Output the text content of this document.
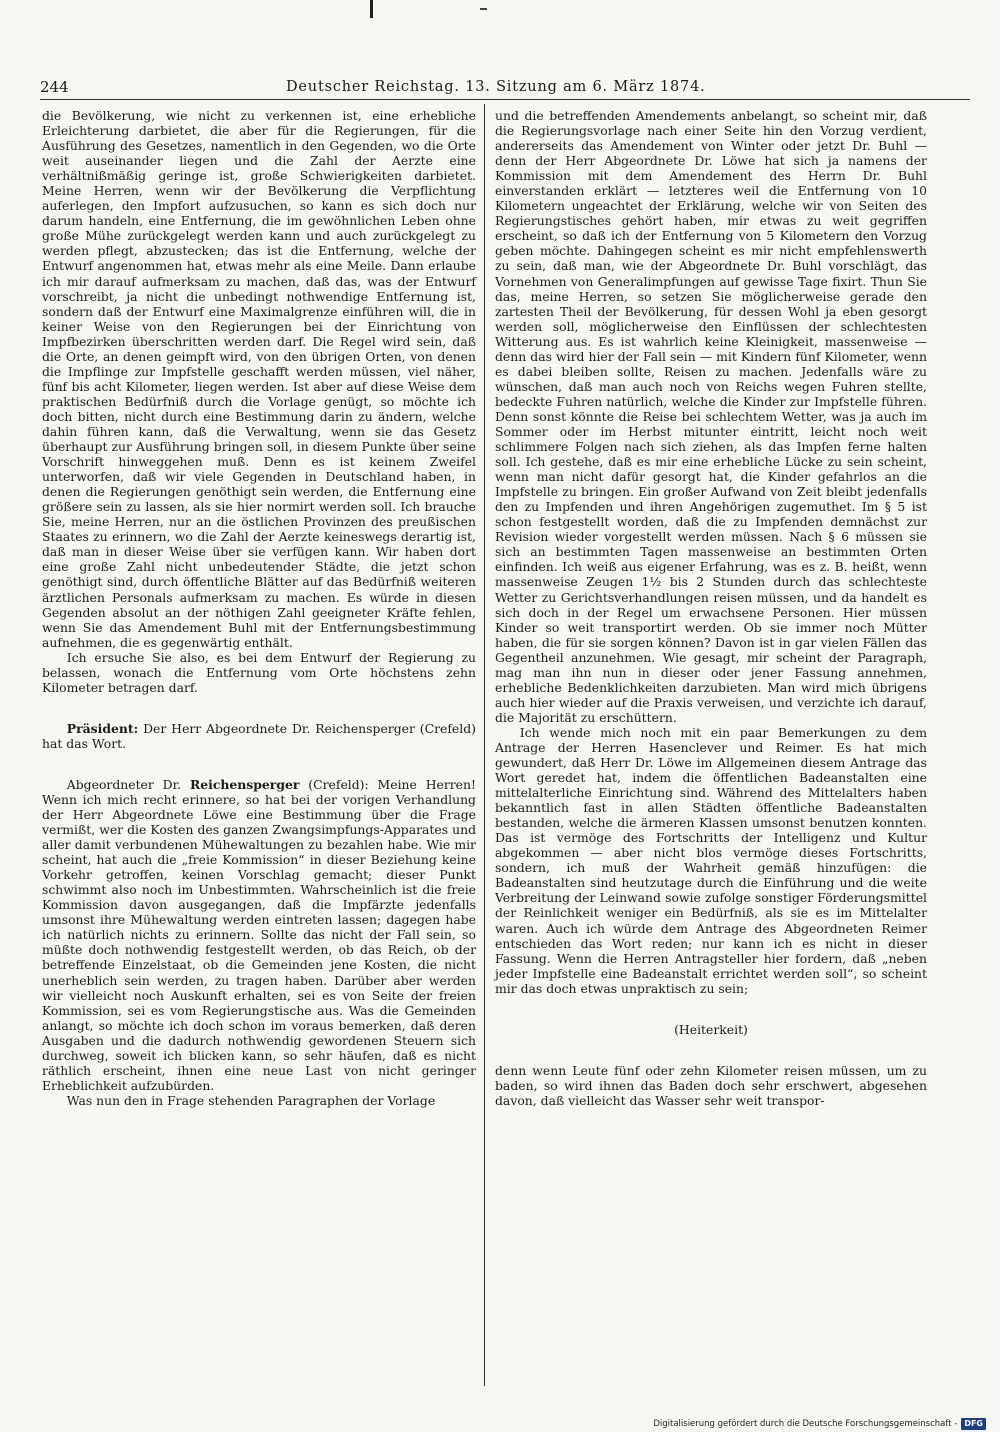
244	Deutscher Reichstag. 13. Sitzung am 6. März 1874.

die Bevölkerung, wie nicht zu verkennen ist, eine erhebliche Erleichterung darbietet, die aber für die Regierungen, für die Ausführung des Gesetzes, namentlich in den Gegenden, wo die Orte weit auseinander liegen und die Zahl der Aerzte eine verhältnißmäßig geringe ist, große Schwierigkeiten darbietet. Meine Herren, wenn wir der Bevölkerung die Verpflichtung auferlegen, den Impfort aufzusuchen, so kann es sich doch nur darum handeln, eine Entfernung, die im gewöhnlichen Leben ohne große Mühe zurückgelegt werden kann und auch zurückgelegt zu werden pflegt, abzustecken; das ist die Entfernung, welche der Entwurf angenommen hat, etwas mehr als eine Meile. Dann erlaube ich mir darauf aufmerksam zu machen, daß das, was der Entwurf vorschreibt, ja nicht die unbedingt nothwendige Entfernung ist, sondern daß der Entwurf eine Maximalgrenze einführen will, die in keiner Weise von den Regierungen bei der Einrichtung von Impfbezirken überschritten werden darf. Die Regel wird sein, daß die Orte, an denen geimpft wird, von den übrigen Orten, von denen die Impflinge zur Impfstelle geschafft werden müssen, viel näher, fünf bis acht Kilometer, liegen werden. Ist aber auf diese Weise dem praktischen Bedürfniß durch die Vorlage genügt, so möchte ich doch bitten, nicht durch eine Bestimmung darin zu ändern, welche dahin führen kann, daß die Verwaltung, wenn sie das Gesetz überhaupt zur Ausführung bringen soll, in diesem Punkte über seine Vorschrift hinweggehen muß. Denn es ist keinem Zweifel unterworfen, daß wir viele Gegenden in Deutschland haben, in denen die Regierungen genöthigt sein werden, die Entfernung eine größere sein zu lassen, als sie hier normirt werden soll. Ich brauche Sie, meine Herren, nur an die östlichen Provinzen des preußischen Staates zu erinnern, wo die Zahl der Aerzte keineswegs derartig ist, daß man in dieser Weise über sie verfügen kann. Wir haben dort eine große Zahl nicht unbedeutender Städte, die jetzt schon genöthigt sind, durch öffentliche Blätter auf das Bedürfniß weiteren ärztlichen Personals aufmerksam zu machen. Es würde in diesen Gegenden absolut an der nöthigen Zahl geeigneter Kräfte fehlen, wenn Sie das Amendement Buhl mit der Entfernungsbestimmung aufnehmen, die es gegenwärtig enthält.

Ich ersuche Sie also, es bei dem Entwurf der Regierung zu belassen, wonach die Entfernung vom Orte höchstens zehn Kilometer betragen darf.

Präsident: Der Herr Abgeordnete Dr. Reichensperger (Crefeld) hat das Wort.

Abgeordneter Dr. Reichensperger (Crefeld): Meine Herren! Wenn ich mich recht erinnere, so hat bei der vorigen Verhandlung der Herr Abgeordnete Löwe eine Bestimmung über die Frage vermißt, wer die Kosten des ganzen Zwangsimpfungs-Apparates und aller damit verbundenen Mühewaltungen zu bezahlen habe. Wie mir scheint, hat auch die „freie Kommission“ in dieser Beziehung keine Vorkehr getroffen, keinen Vorschlag gemacht; dieser Punkt schwimmt also noch im Unbestimmten. Wahrscheinlich ist die freie Kommission davon ausgegangen, daß die Impfärzte jedenfalls umsonst ihre Mühewaltung werden eintreten lassen; dagegen habe ich natürlich nichts zu erinnern. Sollte das nicht der Fall sein, so müßte doch nothwendig festgestellt werden, ob das Reich, ob der betreffende Einzelstaat, ob die Gemeinden jene Kosten, die nicht unerheblich sein werden, zu tragen haben. Darüber aber werden wir vielleicht noch Auskunft erhalten, sei es von Seite der freien Kommission, sei es vom Regierungstische aus. Was die Gemeinden anlangt, so möchte ich doch schon im voraus bemerken, daß deren Ausgaben und die dadurch nothwendig gewordenen Steuern sich durchweg, soweit ich blicken kann, so sehr häufen, daß es nicht räthlich erscheint, ihnen eine neue Last von nicht geringer Erheblichkeit aufzubürden.

Was nun den in Frage stehenden Paragraphen der Vorlage

und die betreffenden Amendements anbelangt, so scheint mir, daß die Regierungsvorlage nach einer Seite hin den Vorzug verdient, andererseits das Amendement von Winter oder jetzt Dr. Buhl — denn der Herr Abgeordnete Dr. Löwe hat sich ja namens der Kommission mit dem Amendement des Herrn Dr. Buhl einverstanden erklärt — letzteres weil die Entfernung von 10 Kilometern ungeachtet der Erklärung, welche wir von Seiten des Regierungstisches gehört haben, mir etwas zu weit gegriffen erscheint, so daß ich der Entfernung von 5 Kilometern den Vorzug geben möchte. Dahingegen scheint es mir nicht empfehlenswerth zu sein, daß man, wie der Abgeordnete Dr. Buhl vorschlägt, das Vornehmen von Generalimpfungen auf gewisse Tage fixirt. Thun Sie das, meine Herren, so setzen Sie möglicherweise gerade den zartesten Theil der Bevölkerung, für dessen Wohl ja eben gesorgt werden soll, möglicherweise den Einflüssen der schlechtesten Witterung aus. Es ist wahrlich keine Kleinigkeit, massenweise — denn das wird hier der Fall sein — mit Kindern fünf Kilometer, wenn es dabei bleiben sollte, Reisen zu machen. Jedenfalls wäre zu wünschen, daß man auch noch von Reichs wegen Fuhren stellte, bedeckte Fuhren natürlich, welche die Kinder zur Impfstelle führen. Denn sonst könnte die Reise bei schlechtem Wetter, was ja auch im Sommer oder im Herbst mitunter eintritt, leicht noch weit schlimmere Folgen nach sich ziehen, als das Impfen ferne halten soll. Ich gestehe, daß es mir eine erhebliche Lücke zu sein scheint, wenn man nicht dafür gesorgt hat, die Kinder gefahrlos an die Impfstelle zu bringen. Ein großer Aufwand von Zeit bleibt jedenfalls den zu Impfenden und ihren Angehörigen zugemuthet. Im § 5 ist schon festgestellt worden, daß die zu Impfenden demnächst zur Revision wieder vorgestellt werden müssen. Nach § 6 müssen sie sich an bestimmten Tagen massenweise an bestimmten Orten einfinden. Ich weiß aus eigener Erfahrung, was es z. B. heißt, wenn massenweise Zeugen 1½ bis 2 Stunden durch das schlechteste Wetter zu Gerichtsverhandlungen reisen müssen, und da handelt es sich doch in der Regel um erwachsene Personen. Hier müssen Kinder so weit transportirt werden. Ob sie immer noch Mütter haben, die für sie sorgen können? Davon ist in gar vielen Fällen das Gegentheil anzunehmen. Wie gesagt, mir scheint der Paragraph, mag man ihn nun in dieser oder jener Fassung annehmen, erhebliche Bedenklichkeiten darzubieten. Man wird mich übrigens auch hier wieder auf die Praxis verweisen, und verzichte ich darauf, die Majorität zu erschüttern.

Ich wende mich noch mit ein paar Bemerkungen zu dem Antrage der Herren Hasenclever und Reimer. Es hat mich gewundert, daß Herr Dr. Löwe im Allgemeinen diesem Antrage das Wort geredet hat, indem die öffentlichen Badeanstalten eine mittelalterliche Einrichtung sind. Während des Mittelalters haben bekanntlich fast in allen Städten öffentliche Badeanstalten bestanden, welche die ärmeren Klassen umsonst benutzen konnten. Das ist vermöge des Fortschritts der Intelligenz und Kultur abgekommen — aber nicht blos vermöge dieses Fortschritts, sondern, ich muß der Wahrheit gemäß hinzufügen: die Badeanstalten sind heutzutage durch die Einführung und die weite Verbreitung der Leinwand sowie zufolge sonstiger Förderungsmittel der Reinlichkeit weniger ein Bedürfniß, als sie es im Mittelalter waren. Auch ich würde dem Antrage des Abgeordneten Reimer entschieden das Wort reden; nur kann ich es nicht in dieser Fassung. Wenn die Herren Antragsteller hier fordern, daß „neben jeder Impfstelle eine Badeanstalt errichtet werden soll“, so scheint mir das doch etwas unpraktisch zu sein;

(Heiterkeit)

denn wenn Leute fünf oder zehn Kilometer reisen müssen, um zu baden, so wird ihnen das Baden doch sehr erschwert, abgesehen davon, daß vielleicht das Wasser sehr weit transpor-

Digitalisierung gefördert durch die Deutsche Forschungsgemeinschaft - DFG
